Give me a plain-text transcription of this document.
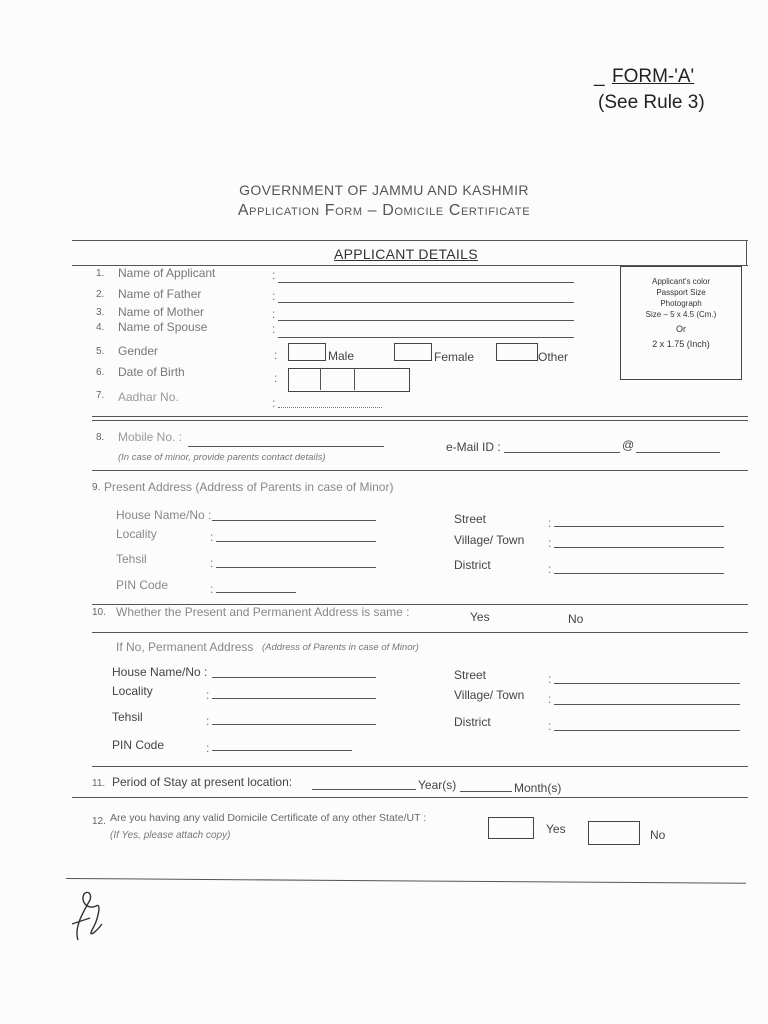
_ FORM-'A'
(See Rule 3)
GOVERNMENT OF JAMMU AND KASHMIR
Application Form – Domicile Certificate
APPLICANT DETAILS
Applicant's color
Passport Size
Photograph
Size – 5 x 4.5 (Cm.)
Or
2 x 1.75 (Inch)
1. Name of Applicant	:
2. Name of Father	:
3. Name of Mother	:
4. Name of Spouse	:
5. Gender	:	Male	Female	Other
6. Date of Birth	:
7. Aadhar No.	:
8. Mobile No. :
(In case of minor, provide parents contact details)
e-Mail ID :	@
9. Present Address (Address of Parents in case of Minor)
House Name/No :
Locality	:
Tehsil	:
PIN Code	:
Street	:
Village/ Town :
District	:
10. Whether the Present and Permanent Address is same :	Yes	No
If No, Permanent Address (Address of Parents in case of Minor)
House Name/No :
Locality	:
Tehsil	:
PIN Code	:
Street	:
Village/ Town :
District	:
11. Period of Stay at present location:	Year(s)	Month(s)
12. Are you having any valid Domicile Certificate of any other State/UT :
(If Yes, please attach copy)	Yes	No
